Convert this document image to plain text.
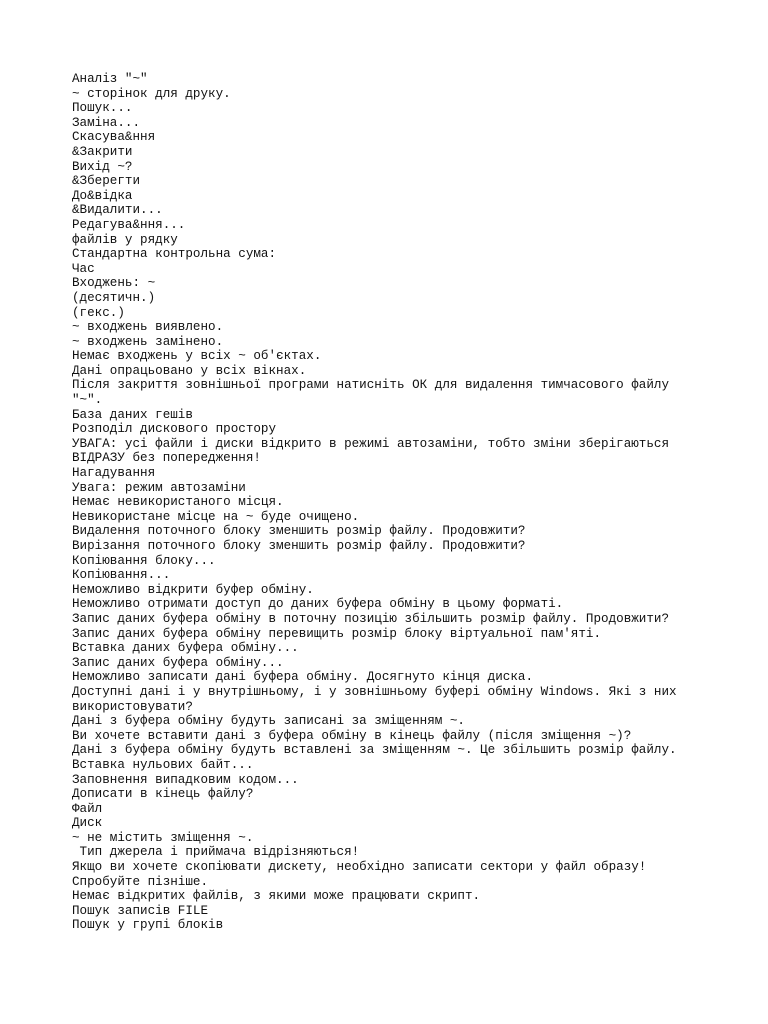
Аналіз "~"

~ сторінок для друку.

Пошук...

Заміна...

Скасува&ння

&Закрити

Вихід ~?

&Зберегти

До&відка

&Видалити...

Редагува&ння...

файлів у рядку

Стандартна контрольна сума:

Час

Входжень: ~

(десятичн.)

(гекс.)

~ входжень виявлено.

~ входжень замінено.

Немає входжень у всіх ~ об'єктах.

Дані опрацьовано у всіх вікнах.

Після закриття зовнішньої програми натисніть ОК для видалення тимчасового файлу

"~".

База даних гешів

Розподіл дискового простору

УВАГА: усі файли і диски відкрито в режимі автозаміни, тобто зміни зберігаються

ВІДРАЗУ без попередження!

Нагадування

Увага: режим автозаміни

Немає невикористаного місця.

Невикористане місце на ~ буде очищено.

Видалення поточного блоку зменшить розмір файлу. Продовжити?

Вирізання поточного блоку зменшить розмір файлу. Продовжити?

Копіювання блоку...

Копіювання...

Неможливо відкрити буфер обміну.

Неможливо отримати доступ до даних буфера обміну в цьому форматі.

Запис даних буфера обміну в поточну позицію збільшить розмір файлу. Продовжити?

Запис даних буфера обміну перевищить розмір блоку віртуальної пам'яті.

Вставка даних буфера обміну...

Запис даних буфера обміну...

Неможливо записати дані буфера обміну. Досягнуто кінця диска.

Доступні дані і у внутрішньому, і у зовнішньому буфері обміну Windows. Які з них

використовувати?

Дані з буфера обміну будуть записані за зміщенням ~.

Ви хочете вставити дані з буфера обміну в кінець файлу (після зміщення ~)?

Дані з буфера обміну будуть вставлені за зміщенням ~. Це збільшить розмір файлу.

Вставка нульових байт...

Заповнення випадковим кодом...

Дописати в кінець файлу?

Файл

Диск

~ не містить зміщення ~.

Тип джерела і приймача відрізняються!

Якщо ви хочете скопіювати дискету, необхідно записати сектори у файл образу!

Спробуйте пізніше.

Немає відкритих файлів, з якими може працювати скрипт.

Пошук записів FILE

Пошук у групі блоків
